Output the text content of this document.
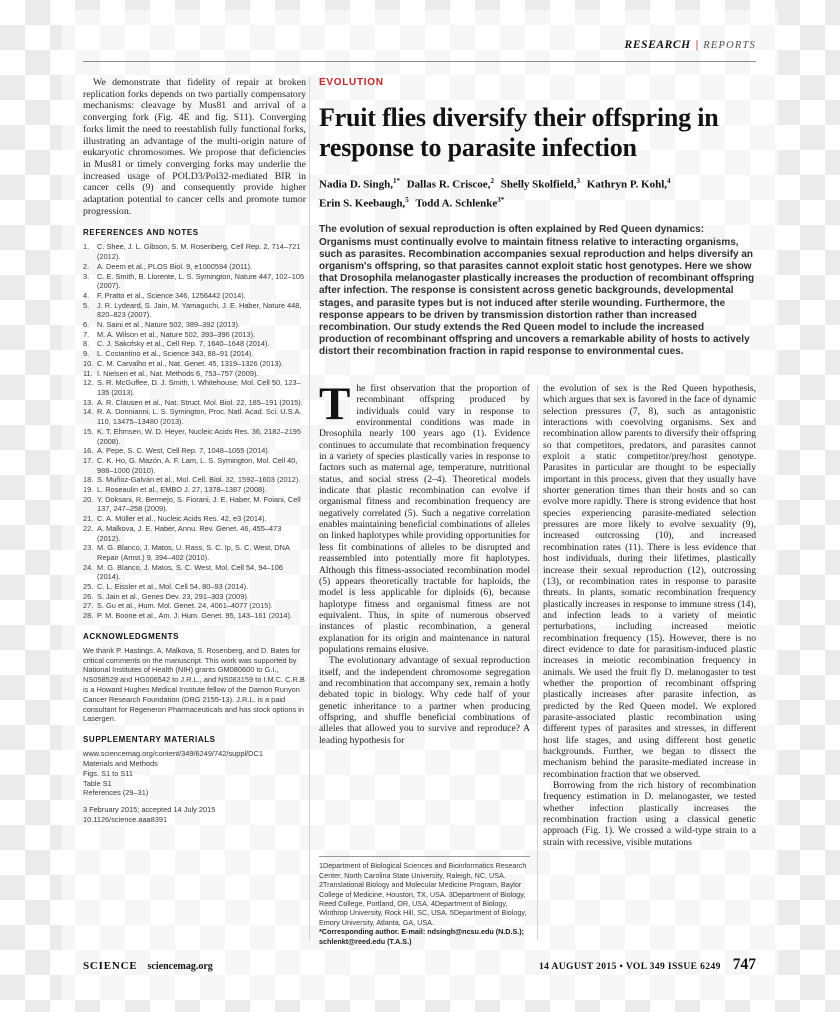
RESEARCH | REPORTS
We demonstrate that fidelity of repair at broken replication forks depends on two partially compensatory mechanisms: cleavage by Mus81 and arrival of a converging fork (Fig. 4E and fig. S11). Converging forks limit the need to reestablish fully functional forks, illustrating an advantage of the multi-origin nature of eukaryotic chromosomes. We propose that deficiencies in Mus81 or timely converging forks may underlie the increased usage of POLD3/Pol32-mediated BIR in cancer cells (9) and consequently provide higher adaptation potential to cancer cells and promote tumor progression.
REFERENCES AND NOTES
1.	C. Shee, J. L. Gibson, S. M. Rosenberg, Cell Rep. 2, 714–721 (2012).
2.	A. Deem et al., PLOS Biol. 9, e1000594 (2011).
3.	C. E. Smith, B. Llorente, L. S. Symington, Nature 447, 102–105 (2007).
4.	F. Pratto et al., Science 346, 1256442 (2014).
5.	J. R. Lydeard, S. Jain, M. Yamaguchi, J. E. Haber, Nature 448, 820–823 (2007).
6.	N. Saini et al., Nature 502, 389–392 (2013).
7.	M. A. Wilson et al., Nature 502, 393–396 (2013).
8.	C. J. Sakofsky et al., Cell Rep. 7, 1640–1648 (2014).
9.	L. Costantino et al., Science 343, 88–91 (2014).
10. C. M. Carvalho et al., Nat. Genet. 45, 1319–1326 (2013).
11. I. Nielsen et al., Nat. Methods 6, 753–757 (2009).
12. S. R. McGuffee, D. J. Smith, I. Whitehouse, Mol. Cell 50, 123–135 (2013).
13. A. R. Clausen et al., Nat. Struct. Mol. Biol. 22, 185–191 (2015).
14. R. A. Donnianni, L. S. Symington, Proc. Natl. Acad. Sci. U.S.A. 110, 13475–13480 (2013).
15. K. T. Ehmsen, W. D. Heyer, Nucleic Acids Res. 36, 2182–2195 (2008).
16. A. Pepe, S. C. West, Cell Rep. 7, 1048–1055 (2014).
17. C. K. Ho, G. Mazón, A. F. Lam, L. S. Symington, Mol. Cell 40, 988–1000 (2010).
18. S. Muñoz-Galván et al., Mol. Cell. Biol. 32, 1592–1603 (2012).
19. L. Roseaulin et al., EMBO J. 27, 1378–1387 (2008).
20. Y. Doksani, R. Bermejo, S. Fiorani, J. E. Haber, M. Foiani, Cell 137, 247–258 (2009).
21. C. A. Müller et al., Nucleic Acids Res. 42, e3 (2014).
22. A. Malkova, J. E. Haber, Annu. Rev. Genet. 46, 455–473 (2012).
23. M. G. Blanco, J. Matos, U. Rass, S. C. Ip, S. C. West, DNA Repair (Amst.) 9, 394–402 (2010).
24. M. G. Blanco, J. Matos, S. C. West, Mol. Cell 54, 94–106 (2014).
25. C. L. Eissler et al., Mol. Cell 54, 80–93 (2014).
26. S. Jain et al., Genes Dev. 23, 291–303 (2009).
27. S. Gu et al., Hum. Mol. Genet. 24, 4061–4077 (2015).
28. P. M. Boone et al., Am. J. Hum. Genet. 95, 143–161 (2014).
ACKNOWLEDGMENTS
We thank P. Hastings, A. Malkova, S. Rosenberg, and D. Bates for critical comments on the manuscript. This work was supported by National Institutes of Health (NIH) grants GM080600 to G.I., NS058529 and HG006542 to J.R.L., and NS083159 to I.M.C. C.R.B is a Howard Hughes Medical Institute fellow of the Damon Runyon Cancer Research Foundation (DRG 2155-13). J.R.L. is a paid consultant for Regeneron Pharmaceuticals and has stock options in Lasergen.
SUPPLEMENTARY MATERIALS
www.sciencemag.org/content/349/6249/742/suppl/DC1
Materials and Methods
Figs. S1 to S11
Table S1
References (29–31)
3 February 2015; accepted 14 July 2015
10.1126/science.aaa8391
EVOLUTION
Fruit flies diversify their offspring in
response to parasite infection
Nadia D. Singh,$^{1*}$ Dallas R. Criscoe,$^2$ Shelly Skolfield,$^3$ Kathryn P. Kohl,$^4$ Erin S. Keebaugh,$^5$ Todd A. Schlenke$^{3*}$
The evolution of sexual reproduction is often explained by Red Queen dynamics: Organisms must continually evolve to maintain fitness relative to interacting organisms, such as parasites. Recombination accompanies sexual reproduction and helps diversify an organism's offspring, so that parasites cannot exploit static host genotypes. Here we show that Drosophila melanogaster plastically increases the production of recombinant offspring after infection. The response is consistent across genetic backgrounds, developmental stages, and parasite types but is not induced after sterile wounding. Furthermore, the response appears to be driven by transmission distortion rather than increased recombination. Our study extends the Red Queen model to include the increased production of recombinant offspring and uncovers a remarkable ability of hosts to actively distort their recombination fraction in rapid response to environmental cues.

The first observation that the proportion of recombinant offspring produced by individuals could vary in response to environmental conditions was made in Drosophila nearly 100 years ago (1). Evidence continues to accumulate that recombination frequency in a variety of species plastically varies in response to factors such as maternal age, temperature, nutritional status, and social stress (2–4). Theoretical models indicate that plastic recombination can evolve if organismal fitness and recombination frequency are negatively correlated (5). Such a negative correlation enables maintaining beneficial combinations of alleles on linked haplotypes while providing opportunities for less fit combinations of alleles to be disrupted and reassembled into potentially more fit haplotypes. Although this fitness-associated recombination model (5) appears theoretically tractable for haploids, the model is less applicable for diploids (6), because haplotype fitness and organismal fitness are not equivalent. Thus, in spite of numerous observed instances of plastic recombination, a general explanation for its origin and maintenance in natural populations remains elusive.

The evolutionary advantage of sexual reproduction itself, and the independent chromosome segregation and recombination that accompany sex, remain a hotly debated topic in biology. Why cede half of your genetic inheritance to a partner when producing offspring, and shuffle beneficial combinations of alleles that allowed you to survive and reproduce? A leading hypothesis for

1Department of Biological Sciences and Bioinformatics Research Center, North Carolina State University, Raleigh, NC, USA. 2Translational Biology and Molecular Medicine Program, Baylor College of Medicine, Houston, TX, USA. 3Department of Biology, Reed College, Portland, OR, USA. 4Department of Biology, Winthrop University, Rock Hill, SC, USA. 5Department of Biology, Emory University, Atlanta, GA, USA.
*Corresponding author. E-mail: ndsingh@ncsu.edu (N.D.S.); schlenkt@reed.edu (T.A.S.)

the evolution of sex is the Red Queen hypothesis, which argues that sex is favored in the face of dynamic selection pressures (7, 8), such as antagonistic interactions with coevolving organisms. Sex and recombination allow parents to diversify their offspring so that competitors, predators, and parasites cannot exploit a static competitor/prey/host genotype. Parasites in particular are thought to be especially important in this process, given that they usually have shorter generation times than their hosts and so can evolve more rapidly. There is strong evidence that host species experiencing parasite-mediated selection pressures are more likely to evolve sexuality (9), increased outcrossing (10), and increased recombination rates (11). There is less evidence that host individuals, during their lifetimes, plastically increase their sexual reproduction (12), outcrossing (13), or recombination rates in response to parasite threats. In plants, somatic recombination frequency plastically increases in response to immune stress (14), and infection leads to a variety of meiotic perturbations, including increased meiotic recombination frequency (15). However, there is no direct evidence to date for parasitism-induced plastic increases in meiotic recombination frequency in animals. We used the fruit fly D. melanogaster to test whether the proportion of recombinant offspring plastically increases after parasite infection, as predicted by the Red Queen model. We explored parasite-associated plastic recombination using different types of parasites and stresses, in different host life stages, and using different host genetic backgrounds. Further, we began to dissect the mechanism behind the parasite-mediated increase in recombination fraction that we observed.

Borrowing from the rich history of recombination frequency estimation in D. melanogaster, we tested whether infection plastically increases the recombination fraction using a classical genetic approach (Fig. 1). We crossed a wild-type strain to a strain with recessive, visible mutations

SCIENCE sciencemag.org	14 AUGUST 2015 • VOL 349 ISSUE 6249 747
